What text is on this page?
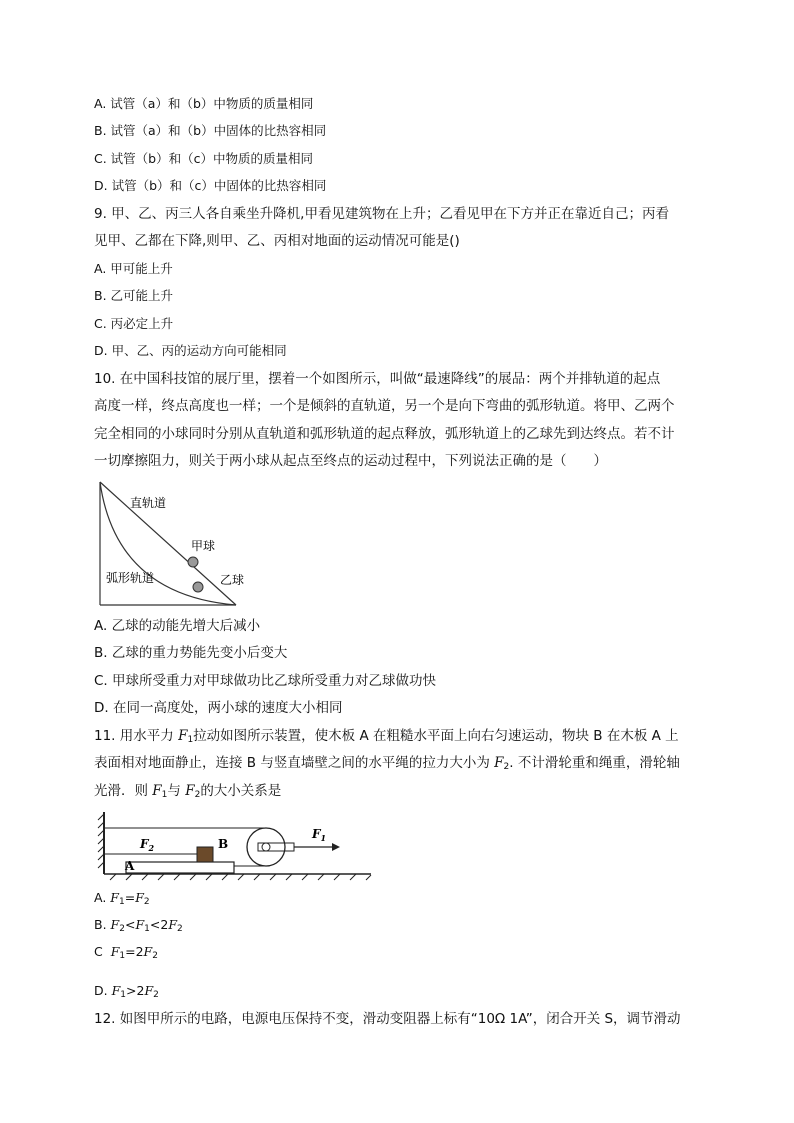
A. 试管（a）和（b）中物质的质量相同
B. 试管（a）和（b）中固体的比热容相同
C. 试管（b）和（c）中物质的质量相同
D. 试管（b）和（c）中固体的比热容相同
9. 甲、乙、丙三人各自乘坐升降机,甲看见建筑物在上升；乙看见甲在下方并正在靠近自己；丙看
见甲、乙都在下降,则甲、乙、丙相对地面的运动情况可能是()
A. 甲可能上升
B. 乙可能上升
C. 丙必定上升
D. 甲、乙、丙的运动方向可能相同
10. 在中国科技馆的展厅里，摆着一个如图所示，叫做“最速降线”的展品：两个并排轨道的起点
高度一样，终点高度也一样；一个是倾斜的直轨道，另一个是向下弯曲的弧形轨道。将甲、乙两个
完全相同的小球同时分别从直轨道和弧形轨道的起点释放，弧形轨道上的乙球先到达终点。若不计
一切摩擦阻力，则关于两小球从起点至终点的运动过程中，下列说法正确的是（　　）
直轨道
甲球
弧形轨道	乙球
A. 乙球的动能先增大后减小
B. 乙球的重力势能先变小后变大
C. 甲球所受重力对甲球做功比乙球所受重力对乙球做功快
D. 在同一高度处，两小球的速度大小相同
11. 用水平力 $F_1$拉动如图所示装置，使木板 A 在粗糙水平面上向右匀速运动，物块 B 在木板 A 上
表面相对地面静止，连接 B 与竖直墙壁之间的水平绳的拉力大小为 $F_2$. 不计滑轮重和绳重，滑轮轴
光滑．则 $F_1$与 $F_2$的大小关系是
$F_2$	B
$F_1$
A
A. $F_1=F_2$
B. $F_2<F_1<2F_2$
C $F_1=2F_2$
D. $F_1>2F_2$
12. 如图甲所示的电路，电源电压保持不变，滑动变阻器上标有“10Ω 1A”，闭合开关 S，调节滑动
